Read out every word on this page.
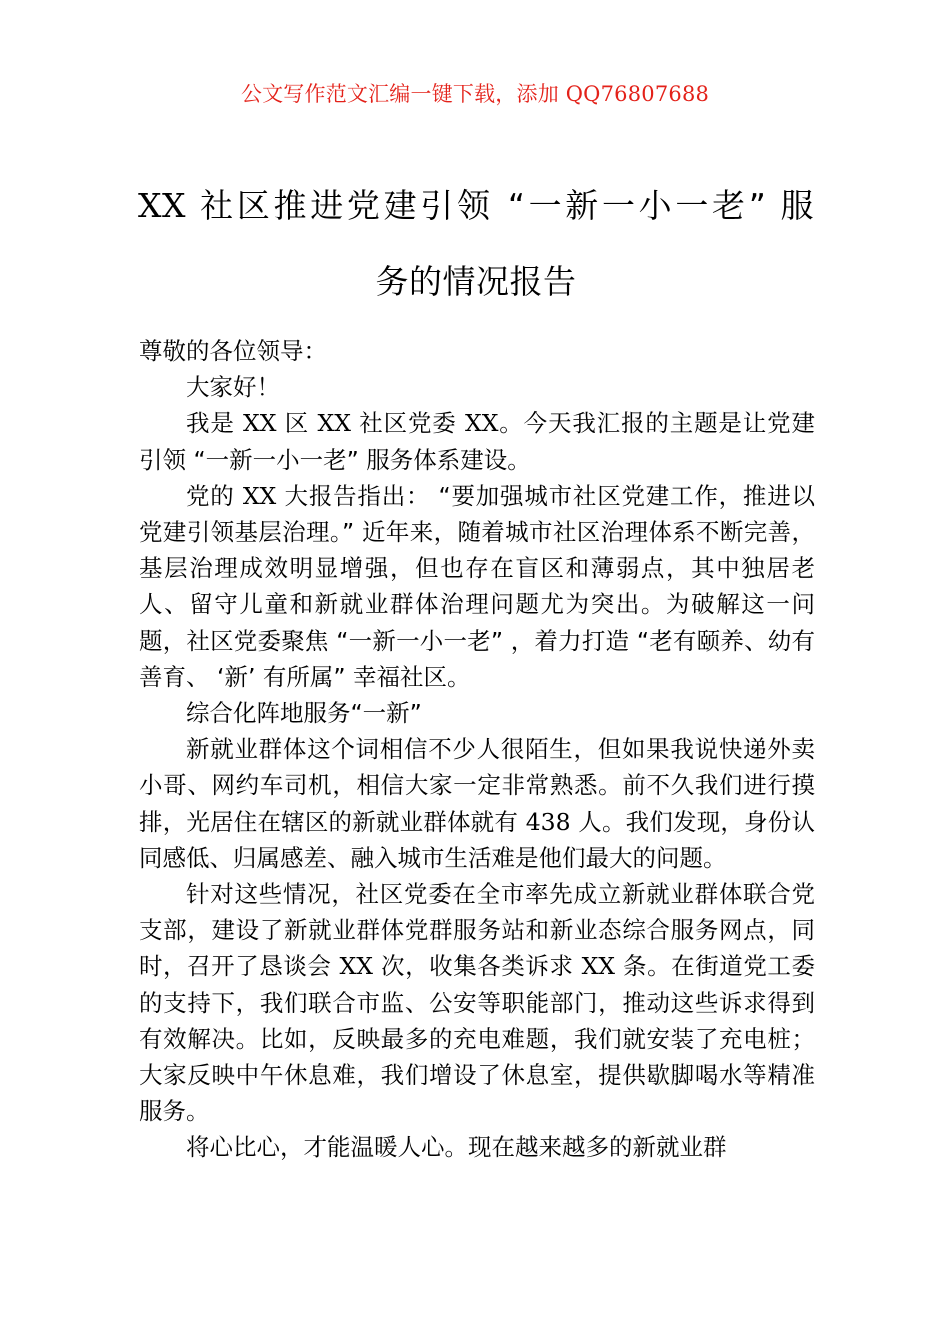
公文写作范文汇编一键下载，添加 QQ76807688
XX 社区推进党建引领 “一新一小一老” 服
务的情况报告

尊敬的各位领导：

大家好！

我是 XX 区 XX 社区党委 XX。今天我汇报的主题是让党建引领 “一新一小一老” 服务体系建设。

党的 XX 大报告指出： “要加强城市社区党建工作，推进以党建引领基层治理。” 近年来，随着城市社区治理体系不断完善，基层治理成效明显增强，但也存在盲区和薄弱点，其中独居老人、留守儿童和新就业群体治理问题尤为突出。为破解这一问题，社区党委聚焦 “一新一小一老” ，着力打造 “老有颐养、幼有善育、 ‘新’ 有所属” 幸福社区。

综合化阵地服务“一新”

新就业群体这个词相信不少人很陌生，但如果我说快递外卖小哥、网约车司机，相信大家一定非常熟悉。前不久我们进行摸排，光居住在辖区的新就业群体就有 438 人。我们发现，身份认同感低、归属感差、融入城市生活难是他们最大的问题。

针对这些情况，社区党委在全市率先成立新就业群体联合党支部，建设了新就业群体党群服务站和新业态综合服务网点，同时，召开了恳谈会 XX 次，收集各类诉求 XX 条。在街道党工委的支持下，我们联合市监、公安等职能部门，推动这些诉求得到有效解决。比如，反映最多的充电难题，我们就安装了充电桩；大家反映中午休息难，我们增设了休息室，提供歇脚喝水等精准服务。

将心比心，才能温暖人心。现在越来越多的新就业群
